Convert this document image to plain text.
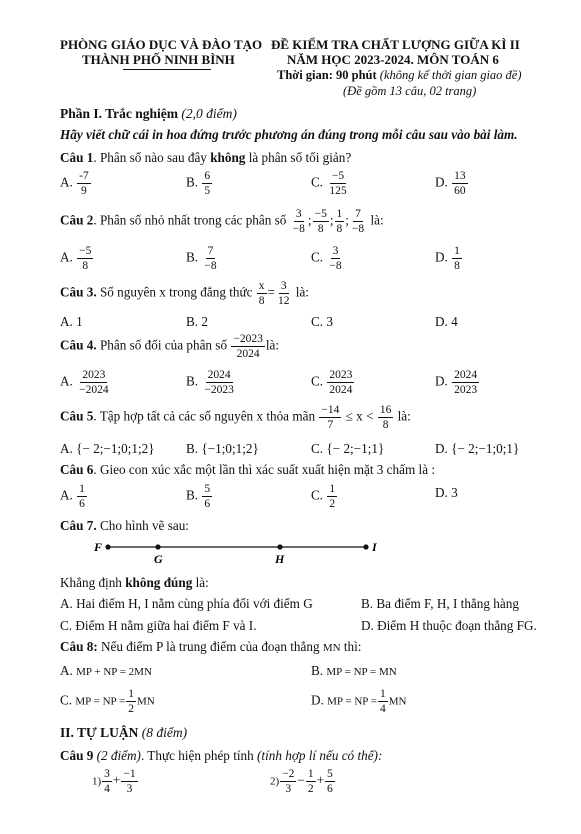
PHÒNG GIÁO DỤC VÀ ĐÀO TẠO
THÀNH PHỐ NINH BÌNH
ĐỀ KIỂM TRA CHẤT LƯỢNG GIỮA KÌ II
NĂM HỌC 2023-2024. MÔN TOÁN 6
Thời gian: 90 phút (không kể thời gian giao đề)
(Đề gồm 13 câu, 02 trang)
Phần I. Trắc nghiệm (2,0 điểm)
Hãy viết chữ cái in hoa đứng trước phương án đúng trong mỗi câu sau vào bài làm.
Câu 1. Phân số nào sau đây không là phân số tối giản?
A. $\frac{-7}{9}$	B. $\frac{6}{5}$	C. $\frac{-5}{125}$	D. $\frac{13}{60}$
Câu 2. Phân số nhỏ nhất trong các phân số $\frac{3}{-8}$ ; $\frac{-5}{8}$ ; $\frac{1}{8}$ ; $\frac{7}{-8}$ là:
A. $\frac{-5}{8}$	B. $\frac{7}{-8}$	C. $\frac{3}{-8}$	D. $\frac{1}{8}$
Câu 3. Số nguyên x trong đẳng thức $\frac{x}{8} = \frac{3}{12}$ là:
A. 1	B. 2	C. 3	D. 4
Câu 4. Phân số đối của phân số $\frac{-2023}{2024}$ là:
A. $\frac{2023}{-2024}$	B. $\frac{2024}{-2023}$	C. $\frac{2023}{2024}$	D. $\frac{2024}{2023}$
Câu 5. Tập hợp tất cả các số nguyên x thỏa mãn $\frac{-14}{7} \le x < \frac{16}{8}$ là:
A. {− 2;−1;0;1;2} B. {−1;0;1;2}	C. {− 2;−1;1}	D. {− 2;−1;0;1}
Câu 6. Gieo con xúc xắc một lần thì xác suất xuất hiện mặt 3 chấm là :
A. $\frac{1}{6}$	B. $\frac{5}{6}$	C. $\frac{1}{2}$	D. 3
Câu 7. Cho hình vẽ sau:
F
G	H
I
Khẳng định không đúng là:
A. Hai điểm H, I nằm cùng phía đối với điểm G	B. Ba điểm F, H, I thẳng hàng
C. Điểm H nằm giữa hai điểm F và I.	D. Điểm H thuộc đoạn thẳng FG.
Câu 8: Nếu điểm P là trung điểm của đoạn thẳng MN thì:
A. MP + NP = 2MN	B. MP = NP = MN
C. MP = NP = $\frac{1}{2}$ MN	D. MP = NP = $\frac{1}{4}$ MN
II. TỰ LUẬN (8 điểm)
Câu 9 (2 điểm). Thực hiện phép tính (tính hợp lí nếu có thể):
$1) \frac{3}{4} + \frac{-1}{3}$	$2) \frac{-2}{3} - \frac{1}{2} + \frac{5}{6}$
